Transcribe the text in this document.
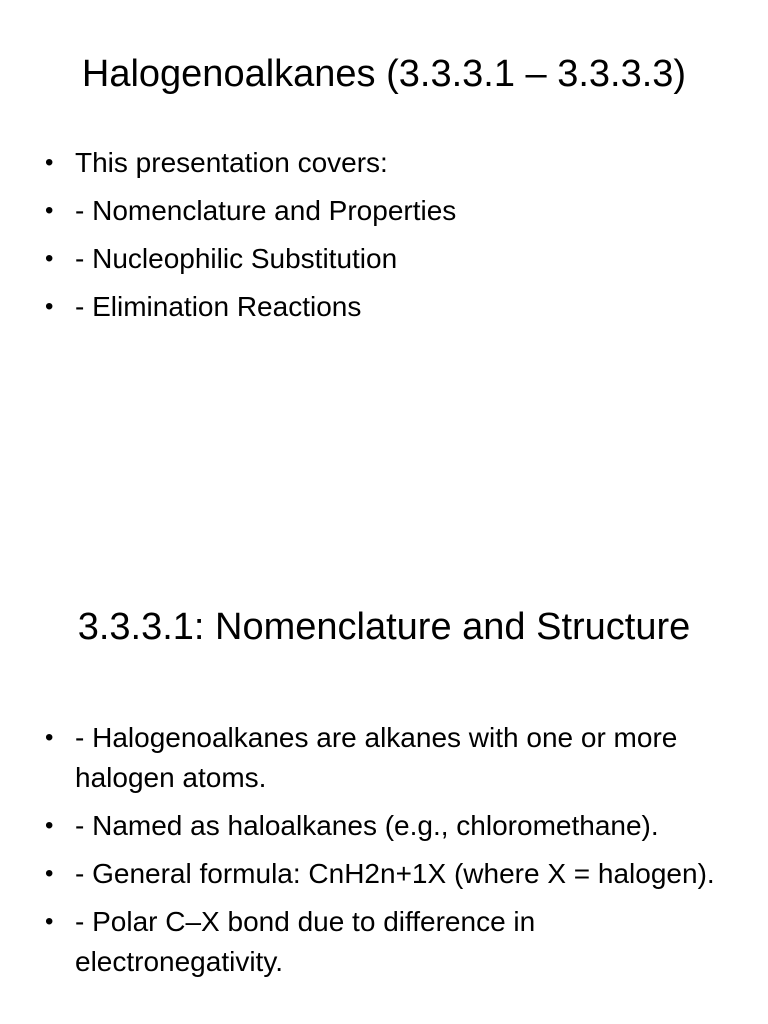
Halogenoalkanes (3.3.3.1 – 3.3.3.3)
• This presentation covers:
• - Nomenclature and Properties
• - Nucleophilic Substitution
• - Elimination Reactions
3.3.3.1: Nomenclature and Structure
• - Halogenoalkanes are alkanes with one or more halogen atoms.
• - Named as haloalkanes (e.g., chloromethane).
• - General formula: CnH2n+1X (where X = halogen).
• - Polar C–X bond due to difference in electronegativity.
